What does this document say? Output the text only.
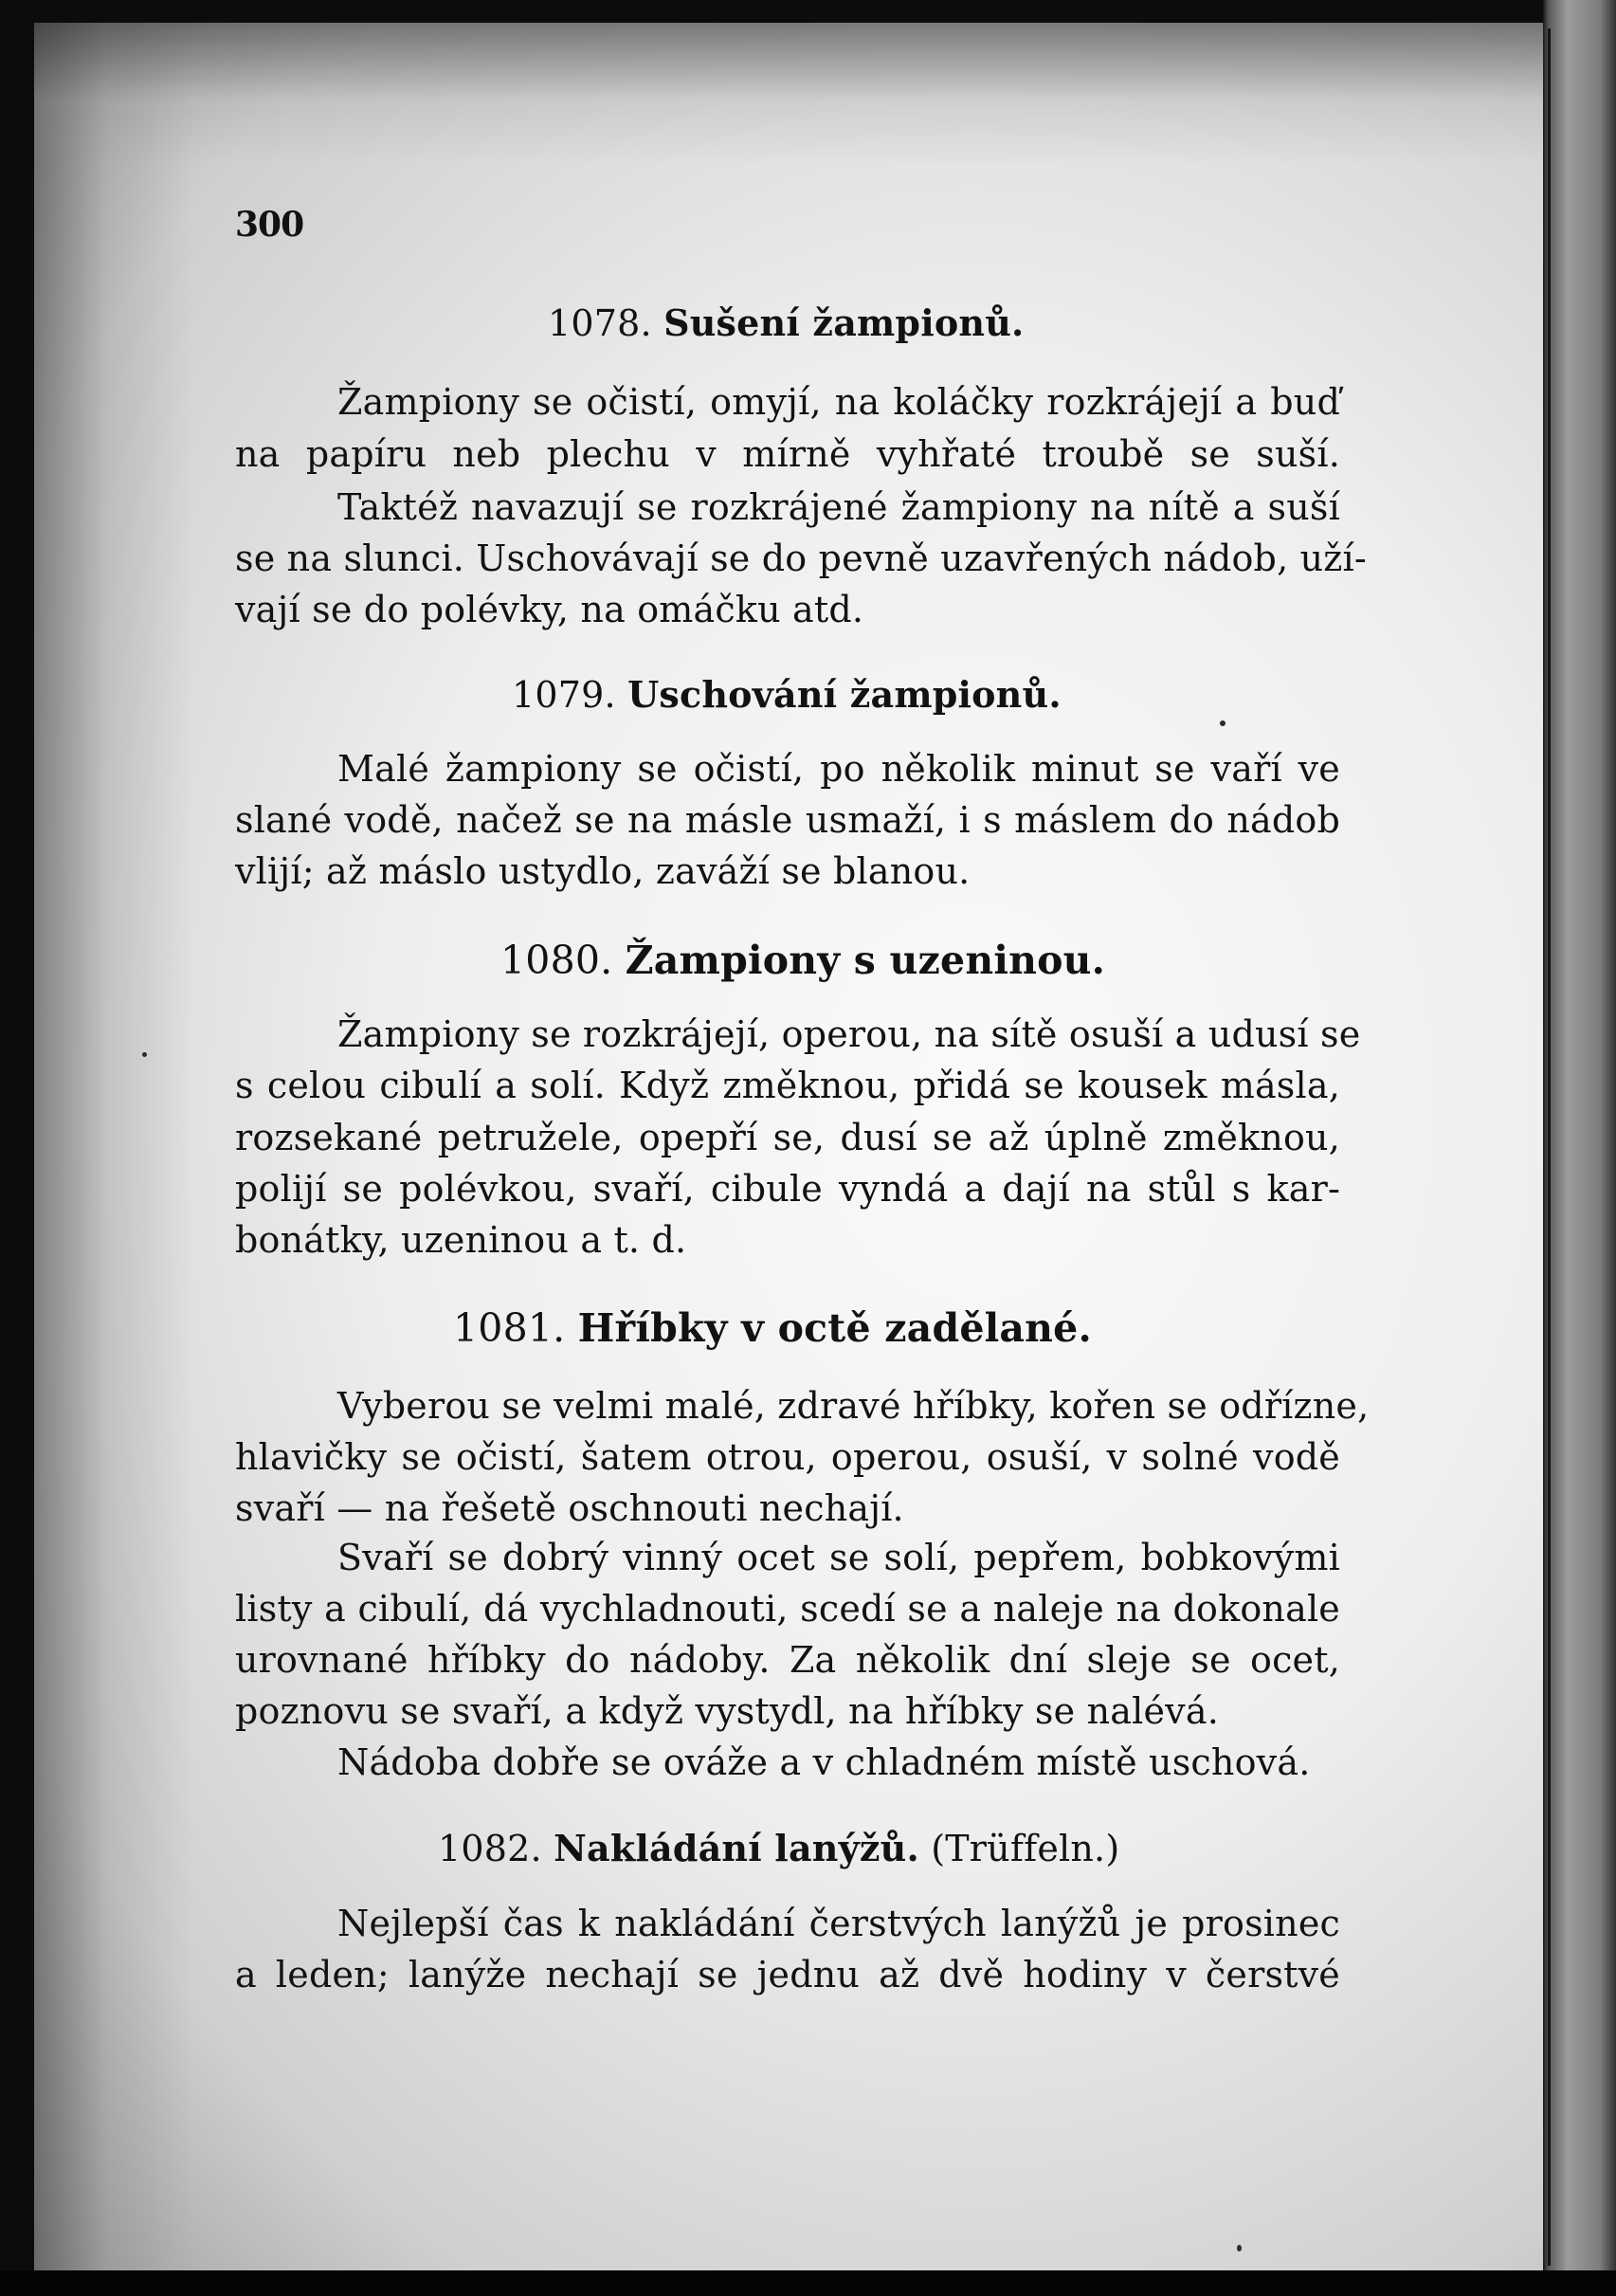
300
1078. Sušení žampionů.
Žampiony se očistí, omyjí, na koláčky rozkrájejí a buď
na papíru neb plechu v mírně vyhřaté troubě se suší.
Taktéž navazují se rozkrájené žampiony na nítě a suší
se na slunci. Uschovávají se do pevně uzavřených nádob, uží-
vají se do polévky, na omáčku atd.
1079. Uschování žampionů.
Malé žampiony se očistí, po několik minut se vaří ve
slané vodě, načež se na másle usmaží, i s máslem do nádob
vlijí; až máslo ustydlo, zaváží se blanou.
1080. Žampiony s uzeninou.
Žampiony se rozkrájejí, operou, na sítě osuší a udusí se
s celou cibulí a solí. Když změknou, přidá se kousek másla,
rozsekané petružele, opepří se, dusí se až úplně změknou,
polijí se polévkou, svaří, cibule vyndá a dají na stůl s kar-
bonátky, uzeninou a t. d.
1081. Hříbky v octě zadělané.
Vyberou se velmi malé, zdravé hříbky, kořen se odřízne,
hlavičky se očistí, šatem otrou, operou, osuší, v solné vodě
svaří — na řešetě oschnouti nechají.
Svaří se dobrý vinný ocet se solí, pepřem, bobkovými
listy a cibulí, dá vychladnouti, scedí se a naleje na dokonale
urovnané hříbky do nádoby. Za několik dní sleje se ocet,
poznovu se svaří, a když vystydl, na hříbky se nalévá.
Nádoba dobře se ováže a v chladném místě uschová.
1082. Nakládání lanýžů. (Trüffeln.)
Nejlepší čas k nakládání čerstvých lanýžů je prosinec
a leden; lanýže nechají se jednu až dvě hodiny v čerstvé
